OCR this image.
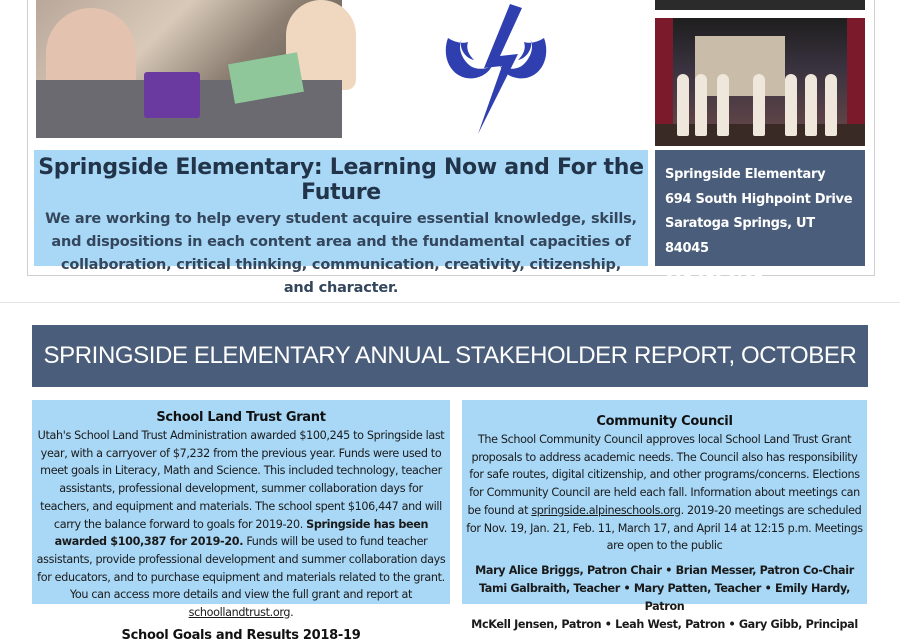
Springside Elementary: Learning Now and For the Future

We are working to help every student acquire essential knowledge, skills, and dispositions in each content area and the fundamental capacities of collaboration, critical thinking, communication, creativity, citizenship, and character.

Springside Elementary
694 South Highpoint Drive
Saratoga Springs, UT 84045
801-610-8732
SPRINGSIDE ELEMENTARY ANNUAL STAKEHOLDER REPORT, OCTOBER
School Land Trust Grant
Utah's School Land Trust Administration awarded $100,245 to Springside last year, with a carryover of $7,232 from the previous year. Funds were used to meet goals in Literacy, Math and Science. This included technology, teacher assistants, professional development, summer collaboration days for teachers, and equipment and materials. The school spent $106,447 and will carry the balance forward to goals for 2019-20. Springside has been awarded $100,387 for 2019-20. Funds will be used to fund teacher assistants, provide professional development and summer collaboration days for educators, and to purchase equipment and materials related to the grant. You can access more details and view the full grant and report at schoollandtrust.org.
School Goals and Results 2018-19
Community Council
The School Community Council approves local School Land Trust Grant proposals to address academic needs. The Council also has responsibility for safe routes, digital citizenship, and other programs/concerns. Elections for Community Council are held each fall. Information about meetings can be found at springside.alpineschools.org. 2019-20 meetings are scheduled for Nov. 19, Jan. 21, Feb. 11, March 17, and April 14 at 12:15 p.m. Meetings are open to the public
Mary Alice Briggs, Patron Chair • Brian Messer, Patron Co-Chair
Tami Galbraith, Teacher • Mary Patten, Teacher • Emily Hardy, Patron
McKell Jensen, Patron • Leah West, Patron • Gary Gibb, Principal
